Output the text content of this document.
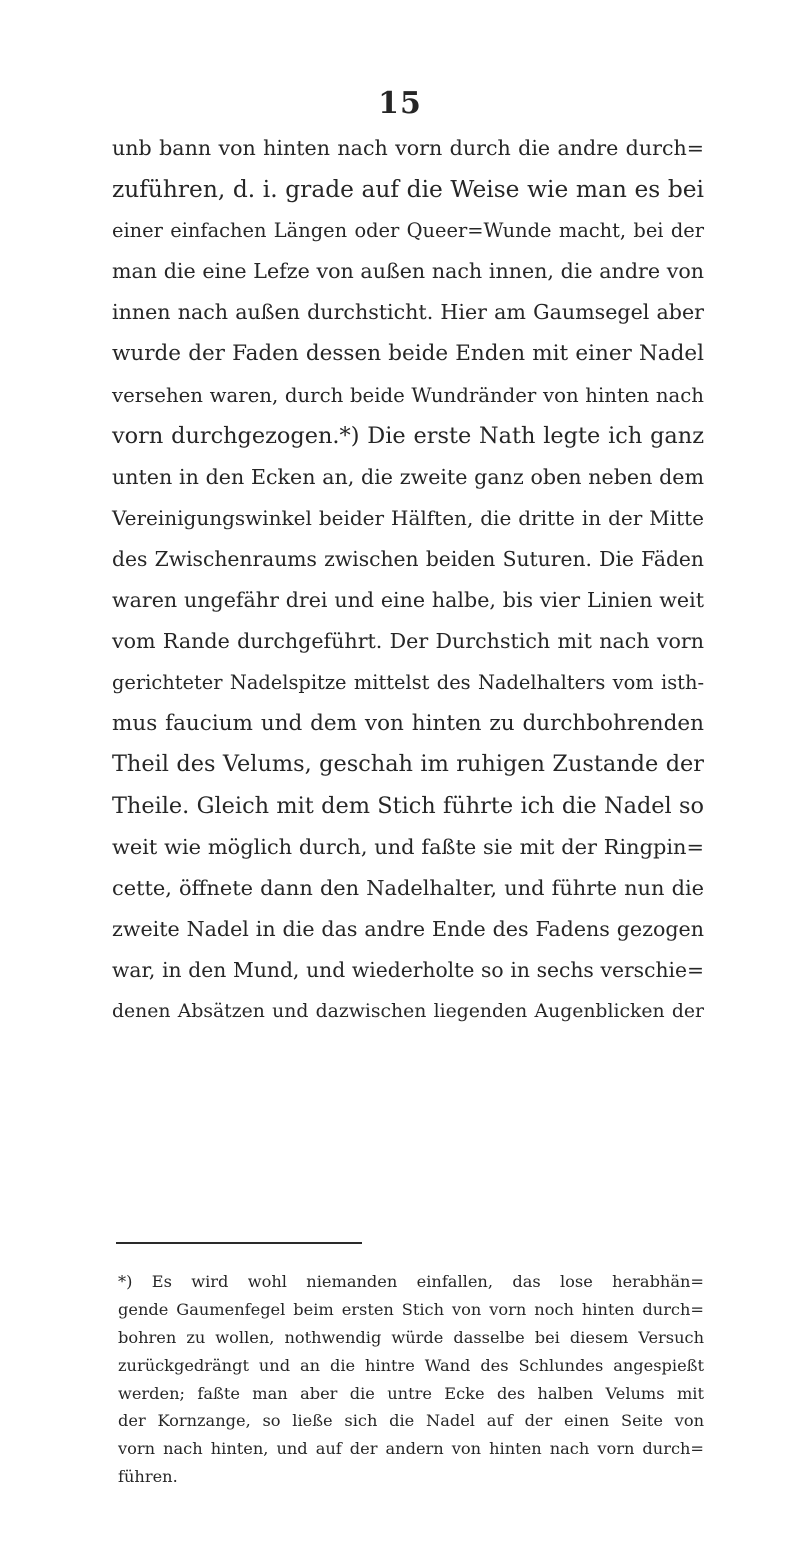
15
unb bann von hinten nach vorn durch die andre durch=
zuführen, d. i. grade auf die Weise wie man es bei
einer einfachen Längen oder Queer=Wunde macht, bei der
man die eine Lefze von außen nach innen, die andre von
innen nach außen durchsticht. Hier am Gaumsegel aber
wurde der Faden dessen beide Enden mit einer Nadel
versehen waren, durch beide Wundränder von hinten nach
vorn durchgezogen.*) Die erste Nath legte ich ganz
unten in den Ecken an, die zweite ganz oben neben dem
Vereinigungswinkel beider Hälften, die dritte in der Mitte
des Zwischenraums zwischen beiden Suturen. Die Fäden
waren ungefähr drei und eine halbe, bis vier Linien weit
vom Rande durchgeführt. Der Durchstich mit nach vorn
gerichteter Nadelspitze mittelst des Nadelhalters vom isth-
mus faucium und dem von hinten zu durchbohrenden
Theil des Velums, geschah im ruhigen Zustande der
Theile. Gleich mit dem Stich führte ich die Nadel so
weit wie möglich durch, und faßte sie mit der Ringpin=
cette, öffnete dann den Nadelhalter, und führte nun die
zweite Nadel in die das andre Ende des Fadens gezogen
war, in den Mund, und wiederholte so in sechs verschie=
denen Absätzen und dazwischen liegenden Augenblicken der
*) Es wird wohl niemanden einfallen, das lose herabhän=
gende Gaumenfegel beim ersten Stich von vorn noch hinten durch=
bohren zu wollen, nothwendig würde dasselbe bei diesem Versuch
zurückgedrängt und an die hintre Wand des Schlundes angespießt
werden; faßte man aber die untre Ecke des halben Velums mit
der Kornzange, so ließe sich die Nadel auf der einen Seite von
vorn nach hinten, und auf der andern von hinten nach vorn durch=
führen.
